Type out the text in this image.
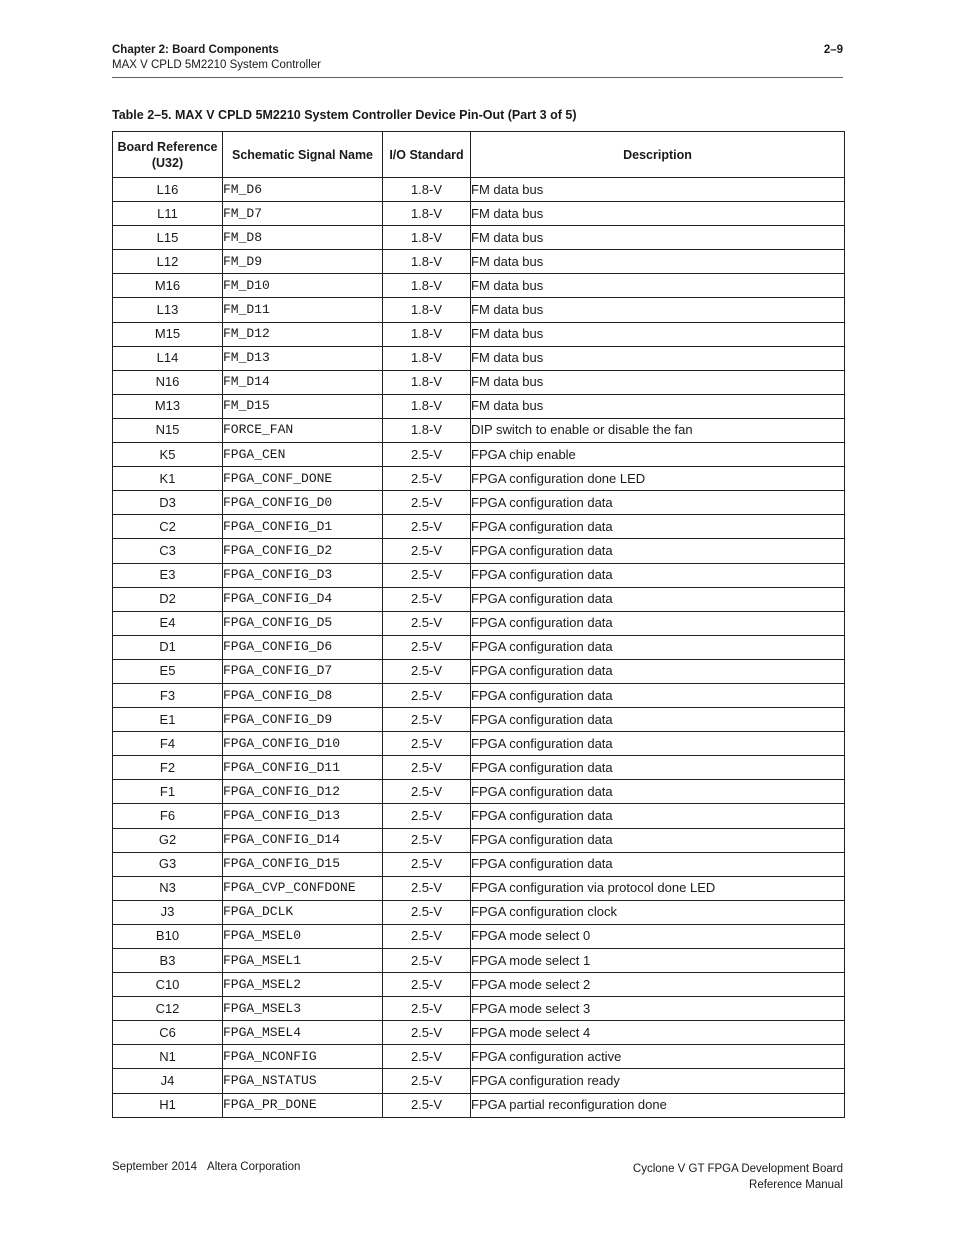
Chapter 2: Board Components
MAX V CPLD 5M2210 System Controller
2–9
Table 2–5. MAX V CPLD 5M2210 System Controller Device Pin-Out (Part 3 of 5)
Board Reference (U32)	Schematic Signal Name	I/O Standard	Description
L16	FM_D6	1.8-V	FM data bus
L11	FM_D7	1.8-V	FM data bus
L15	FM_D8	1.8-V	FM data bus
L12	FM_D9	1.8-V	FM data bus
M16	FM_D10	1.8-V	FM data bus
L13	FM_D11	1.8-V	FM data bus
M15	FM_D12	1.8-V	FM data bus
L14	FM_D13	1.8-V	FM data bus
N16	FM_D14	1.8-V	FM data bus
M13	FM_D15	1.8-V	FM data bus
N15	FORCE_FAN	1.8-V	DIP switch to enable or disable the fan
K5	FPGA_CEN	2.5-V	FPGA chip enable
K1	FPGA_CONF_DONE	2.5-V	FPGA configuration done LED
D3	FPGA_CONFIG_D0	2.5-V	FPGA configuration data
C2	FPGA_CONFIG_D1	2.5-V	FPGA configuration data
C3	FPGA_CONFIG_D2	2.5-V	FPGA configuration data
E3	FPGA_CONFIG_D3	2.5-V	FPGA configuration data
D2	FPGA_CONFIG_D4	2.5-V	FPGA configuration data
E4	FPGA_CONFIG_D5	2.5-V	FPGA configuration data
D1	FPGA_CONFIG_D6	2.5-V	FPGA configuration data
E5	FPGA_CONFIG_D7	2.5-V	FPGA configuration data
F3	FPGA_CONFIG_D8	2.5-V	FPGA configuration data
E1	FPGA_CONFIG_D9	2.5-V	FPGA configuration data
F4	FPGA_CONFIG_D10	2.5-V	FPGA configuration data
F2	FPGA_CONFIG_D11	2.5-V	FPGA configuration data
F1	FPGA_CONFIG_D12	2.5-V	FPGA configuration data
F6	FPGA_CONFIG_D13	2.5-V	FPGA configuration data
G2	FPGA_CONFIG_D14	2.5-V	FPGA configuration data
G3	FPGA_CONFIG_D15	2.5-V	FPGA configuration data
N3	FPGA_CVP_CONFDONE	2.5-V	FPGA configuration via protocol done LED
J3	FPGA_DCLK	2.5-V	FPGA configuration clock
B10	FPGA_MSEL0	2.5-V	FPGA mode select 0
B3	FPGA_MSEL1	2.5-V	FPGA mode select 1
C10	FPGA_MSEL2	2.5-V	FPGA mode select 2
C12	FPGA_MSEL3	2.5-V	FPGA mode select 3
C6	FPGA_MSEL4	2.5-V	FPGA mode select 4
N1	FPGA_NCONFIG	2.5-V	FPGA configuration active
J4	FPGA_NSTATUS	2.5-V	FPGA configuration ready
H1	FPGA_PR_DONE	2.5-V	FPGA partial reconfiguration done
September 2014 Altera Corporation	Cyclone V GT FPGA Development Board
Reference Manual
